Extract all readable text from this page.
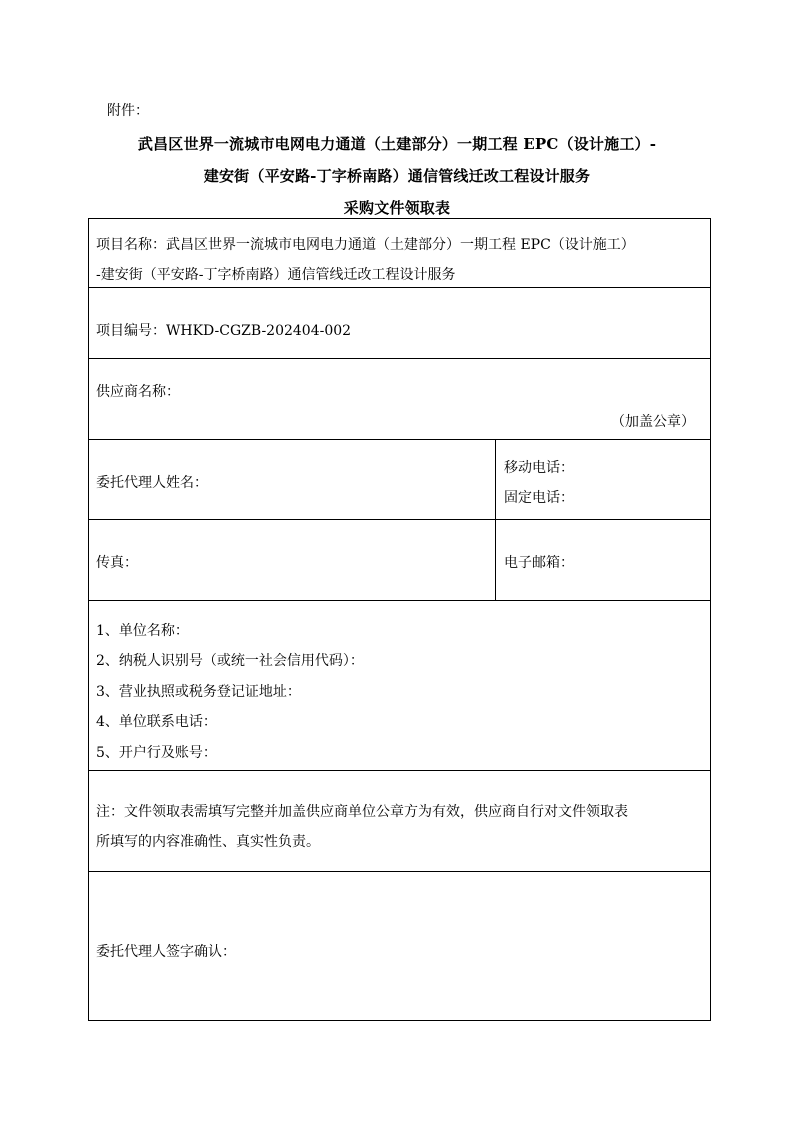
附件：
武昌区世界一流城市电网电力通道（土建部分）一期工程 EPC（设计施工）-
建安街（平安路-丁字桥南路）通信管线迁改工程设计服务
采购文件领取表
项目名称：武昌区世界一流城市电网电力通道（土建部分）一期工程 EPC（设计施工）
-建安街（平安路-丁字桥南路）通信管线迁改工程设计服务
项目编号：WHKD-CGZB-202404-002
供应商名称：
（加盖公章）
委托代理人姓名：
移动电话：
固定电话：
传真：	电子邮箱：
1、单位名称：
2、纳税人识别号（或统一社会信用代码）：
3、营业执照或税务登记证地址：
4、单位联系电话：
5、开户行及账号：
注：文件领取表需填写完整并加盖供应商单位公章方为有效，供应商自行对文件领取表
所填写的内容准确性、真实性负责。
委托代理人签字确认：
